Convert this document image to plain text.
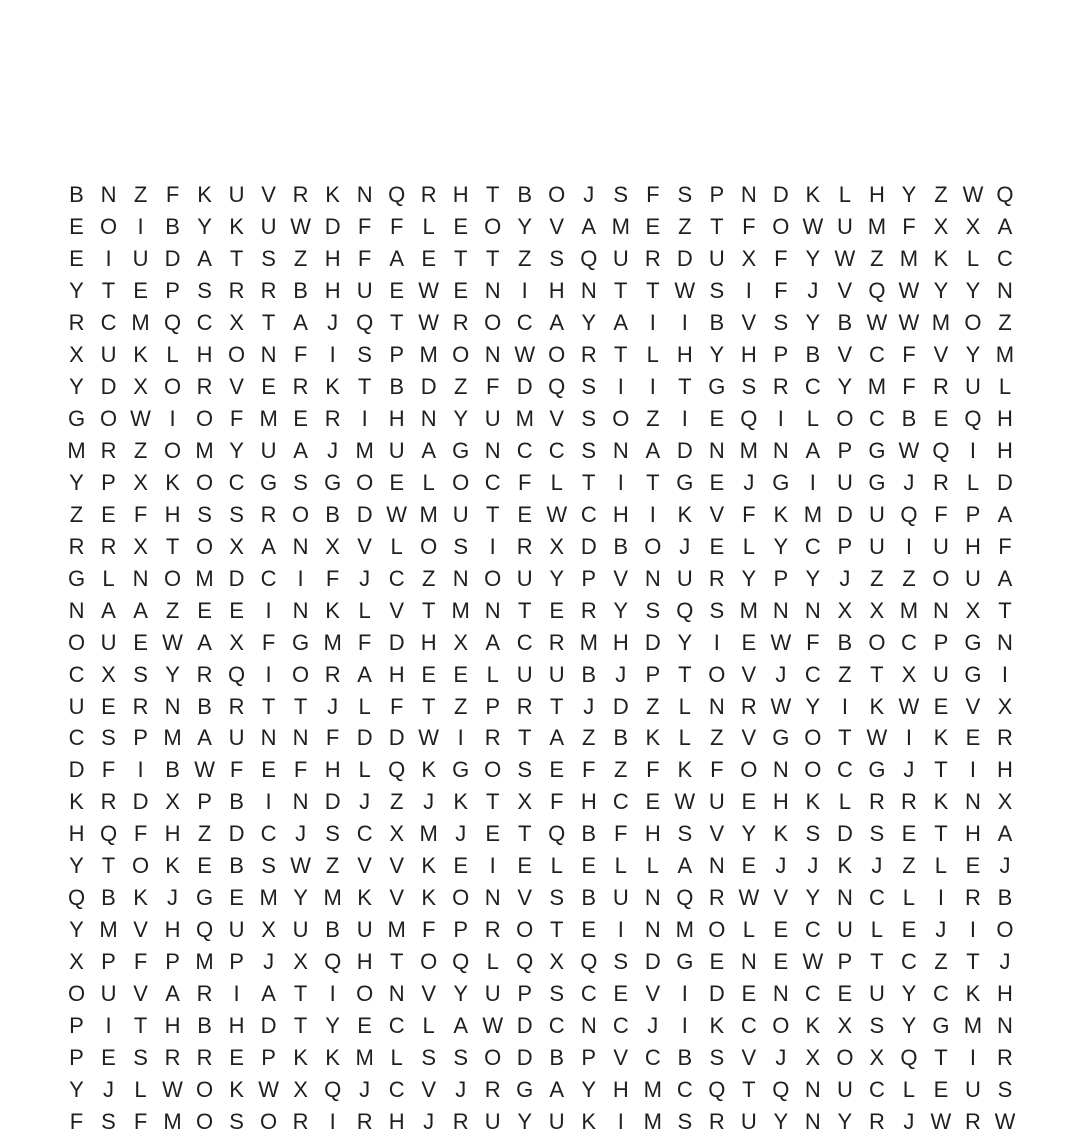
B N Z F K U V R K N Q R H T B O J S F S P N D K L H Y Z W Q
E O I B Y K U W D F F L E O Y V A M E Z T F O W U M F X X A
E I U D A T S Z H F A E T T Z S Q U R D U X F Y W Z M K L C
Y T E P S R R B H U E W E N I H N T T W S I	F J V Q W Y Y N
R C M Q C X T A J Q T W R O C A Y A I	I B V S Y B W W M O Z
X U K L H O N F	I S P M O N W O R T L H Y H P B V C F V Y M
Y D X O R V E R K T B D Z F D Q S I	I	T G S R C Y M F R U L
G O W I O F M E R I H N Y U M V S O Z	I E Q I	L O C B E Q H
M R Z O M Y U A J M U A G N C C S N A D N M N A P G W Q I H
Y P X K O C G S G O E L O C F L T	I	T G E J G I U G J R L D
Z E F H S S R O B D W M U T E W C H I K V F K M D U Q F P A
R R X T O X A N X V L O S I R X D B O J E L Y C P U I U H F
G L N O M D C I	F J C Z N O U Y P V N U R Y P Y J Z Z O U A
N A A Z E E I N K L V T M N T E R Y S Q S M N N X X M N X T
O U E W A X F G M F D H X A C R M H D Y I E W F B O C P G N
C X S Y R Q I O R A H E E L U U B J P T O V J C Z T X U G I
U E R N B R T T J L F T Z P R T J D Z L N R W Y I K W E V X
C S P M A U N N F D D W I R T A Z B K L Z V G O T W I K E R
D F	I B W F E F H L Q K G O S E F Z F K F O N O C G J T	I H
K R D X P B I N D J Z J K T X F H C E W U E H K L R R K N X
H Q F H Z D C J S C X M J E T Q B F H S V Y K S D S E T H A
Y T O K E B S W Z V V K E I E L E L L A N E J J K J Z L E J
Q B K J G E M Y M K V K O N V S B U N Q R W V Y N C L	I R B
Y M V H Q U X U B U M F P R O T E I N M O L E C U L E J	I O
X P F P M P J X Q H T O Q L Q X Q S D G E N E W P T C Z T J
O U V A R I A T	I O N V Y U P S C E V I D E N C E U Y C K H
P I	T H B H D T Y E C L A W D C N C J	I K C O K X S Y G M N
P E S R R E P K K M L S S O D B P V C B S V J X O X Q T	I R
Y J L W O K W X Q J C V J R G A Y H M C Q T Q N U C L E U S
F S F M O S O R I R H J R U Y U K I M S R U Y N Y R J W R W
